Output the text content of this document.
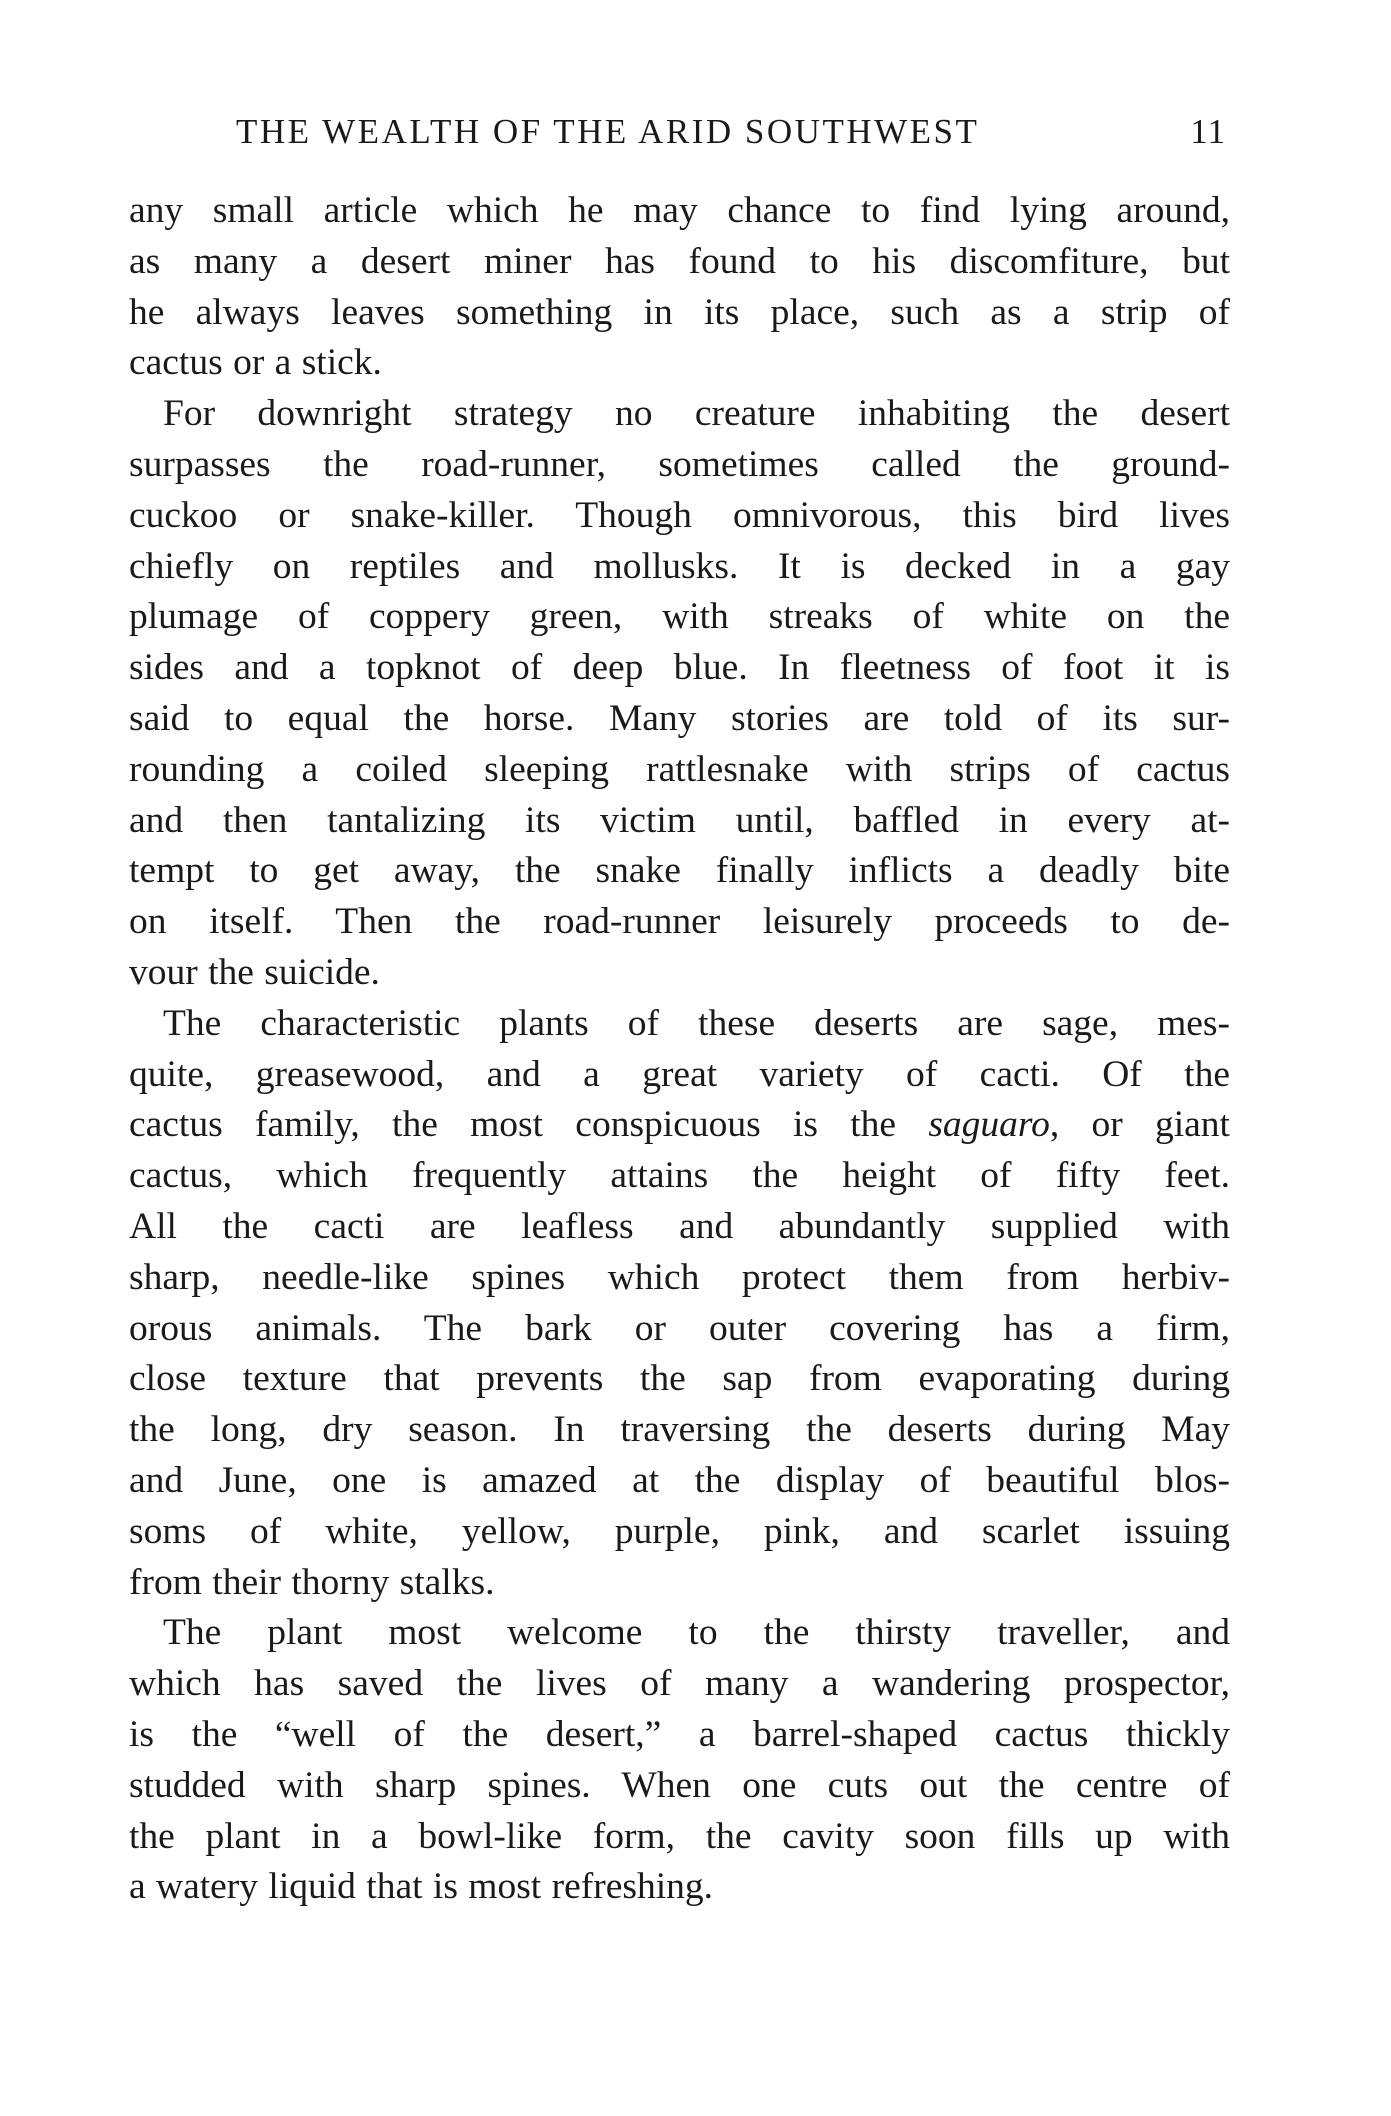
THE WEALTH OF THE ARID SOUTHWEST	11
any small article which he may chance to find lying around,
as many a desert miner has found to his discomfiture, but
he always leaves something in its place, such as a strip of
cactus or a stick.
For downright strategy no creature inhabiting the desert
surpasses the road-runner, sometimes called the ground-
cuckoo or snake-killer. Though omnivorous, this bird lives
chiefly on reptiles and mollusks. It is decked in a gay
plumage of coppery green, with streaks of white on the
sides and a topknot of deep blue. In fleetness of foot it is
said to equal the horse. Many stories are told of its sur-
rounding a coiled sleeping rattlesnake with strips of cactus
and then tantalizing its victim until, baffled in every at-
tempt to get away, the snake finally inflicts a deadly bite
on itself. Then the road-runner leisurely proceeds to de-
vour the suicide.
The characteristic plants of these deserts are sage, mes-
quite, greasewood, and a great variety of cacti. Of the
cactus family, the most conspicuous is the saguaro, or giant
cactus, which frequently attains the height of fifty feet.
All the cacti are leafless and abundantly supplied with
sharp, needle-like spines which protect them from herbiv-
orous animals. The bark or outer covering has a firm,
close texture that prevents the sap from evaporating during
the long, dry season. In traversing the deserts during May
and June, one is amazed at the display of beautiful blos-
soms of white, yellow, purple, pink, and scarlet issuing
from their thorny stalks.
The plant most welcome to the thirsty traveller, and
which has saved the lives of many a wandering prospector,
is the “well of the desert,” a barrel-shaped cactus thickly
studded with sharp spines. When one cuts out the centre of
the plant in a bowl-like form, the cavity soon fills up with
a watery liquid that is most refreshing.
